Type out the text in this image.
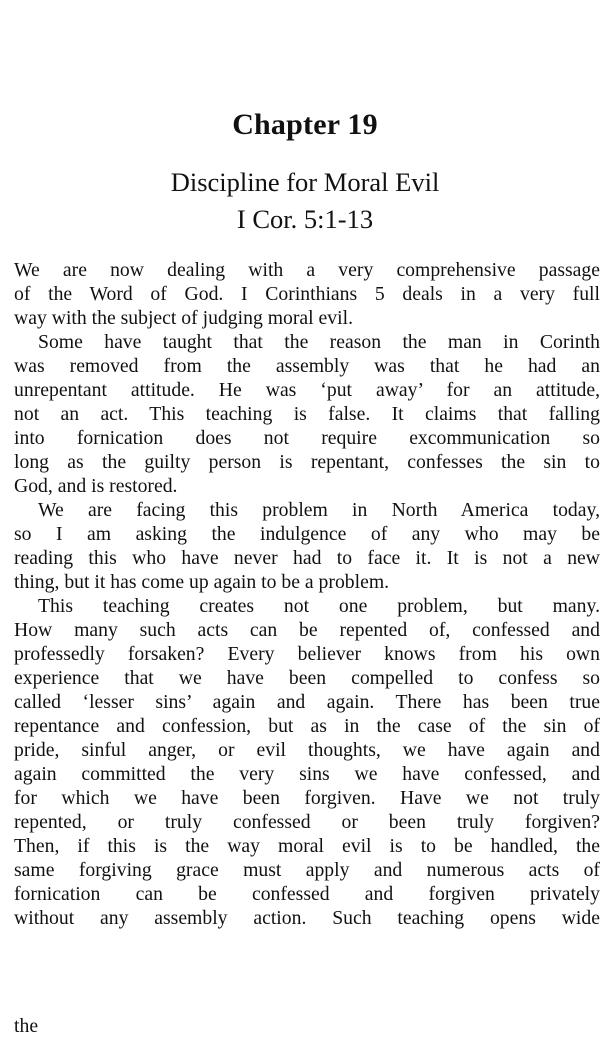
Chapter 19
Discipline for Moral Evil
I Cor. 5:1-13
We are now dealing with a very comprehensive passage
of the Word of God. I Corinthians 5 deals in a very full
way with the subject of judging moral evil.
Some have taught that the reason the man in Corinth
was removed from the assembly was that he had an
unrepentant attitude. He was ‘put away’ for an attitude,
not an act. This teaching is false. It claims that falling
into fornication does not require excommunication so
long as the guilty person is repentant, confesses the sin to
God, and is restored.
We are facing this problem in North America today,
so I am asking the indulgence of any who may be
reading this who have never had to face it. It is not a new
thing, but it has come up again to be a problem.
This teaching creates not one problem, but many.
How many such acts can be repented of, confessed and
professedly forsaken? Every believer knows from his own
experience that we have been compelled to confess so
called ‘lesser sins’ again and again. There has been true
repentance and confession, but as in the case of the sin of
pride, sinful anger, or evil thoughts, we have again and
again committed the very sins we have confessed, and
for which we have been forgiven. Have we not truly
repented, or truly confessed or been truly forgiven?
Then, if this is the way moral evil is to be handled, the
same forgiving grace must apply and numerous acts of
fornication can be confessed and forgiven privately
without any assembly action. Such teaching opens wide
the
